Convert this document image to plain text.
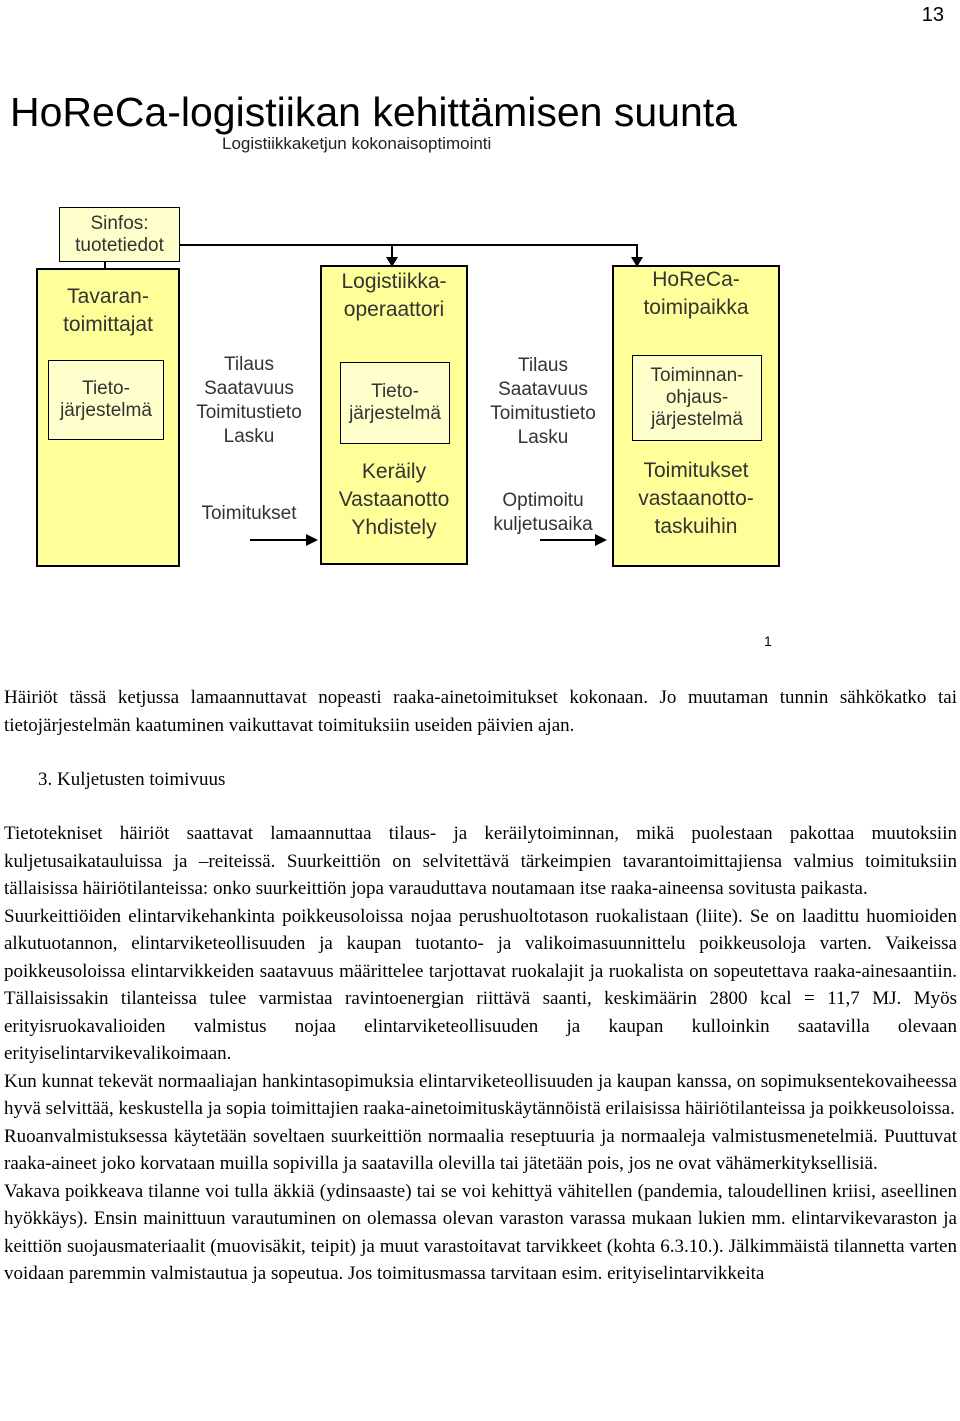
13
HoReCa-logistiikan kehittämisen suunta
Logistiikkaketjun kokonaisoptimointi
Sinfos:
tuotetiedot
Tavaran-
toimittajat
Tieto-
järjestelmä
Tilaus
Saatavuus
Toimitustieto
Lasku
Toimitukset
Logistiikka-
operaattori
Tieto-
järjestelmä
Keräily
Vastaanotto
Yhdistely
Tilaus
Saatavuus
Toimitustieto
Lasku
Optimoitu
kuljetusaika
HoReCa-
toimipaikka
Toiminnan-
ohjaus-
järjestelmä
Toimitukset
vastaanotto-
taskuihin
1

Häiriöt tässä ketjussa lamaannuttavat nopeasti raaka-ainetoimitukset kokonaan. Jo muutaman tunnin sähkökatko tai tietojärjestelmän kaatuminen vaikuttavat toimituksiin useiden päivien ajan.

3. Kuljetusten toimivuus

Tietotekniset häiriöt saattavat lamaannuttaa tilaus- ja keräilytoiminnan, mikä puolestaan pakottaa muutoksiin kuljetusaikatauluissa ja –reiteissä. Suurkeittiön on selvitettävä tärkeimpien tavarantoimittajiensa valmius toimituksiin tällaisissa häiriötilanteissa: onko suurkeittiön jopa varauduttava noutamaan itse raaka-aineensa sovitusta paikasta.

Suurkeittiöiden elintarvikehankinta poikkeusoloissa nojaa perushuoltotason ruokalistaan (liite). Se on laadittu huomioiden alkutuotannon, elintarviketeollisuuden ja kaupan tuotanto- ja valikoimasuunnittelu poikkeusoloja varten. Vaikeissa poikkeusoloissa elintarvikkeiden saatavuus määrittelee tarjottavat ruokalajit ja ruokalista on sopeutettava raaka-ainesaantiin. Tällaisissakin tilanteissa tulee varmistaa ravintoenergian riittävä saanti, keskimäärin 2800 kcal = 11,7 MJ. Myös erityisruokavalioiden valmistus nojaa elintarviketeollisuuden ja kaupan kulloinkin saatavilla olevaan erityiselintarvikevalikoimaan.

Kun kunnat tekevät normaaliajan hankintasopimuksia elintarviketeollisuuden ja kaupan kanssa, on sopimuksentekovaiheessa hyvä selvittää, keskustella ja sopia toimittajien raaka-ainetoimituskäytännöistä erilaisissa häiriötilanteissa ja poikkeusoloissa.

Ruoanvalmistuksessa käytetään soveltaen suurkeittiön normaalia reseptuuria ja normaaleja valmistusmenetelmiä. Puuttuvat raaka-aineet joko korvataan muilla sopivilla ja saatavilla olevilla tai jätetään pois, jos ne ovat vähämerkityksellisiä.

Vakava poikkeava tilanne voi tulla äkkiä (ydinsaaste) tai se voi kehittyä vähitellen (pandemia, taloudellinen kriisi, aseellinen hyökkäys). Ensin mainittuun varautuminen on olemassa olevan varaston varassa mukaan lukien mm. elintarvikevaraston ja keittiön suojausmateriaalit (muovisäkit, teipit) ja muut varastoitavat tarvikkeet (kohta 6.3.10.). Jälkimmäistä tilannetta varten voidaan paremmin valmistautua ja sopeutua. Jos toimitusmassa tarvitaan esim. erityiselintarvikkeita
